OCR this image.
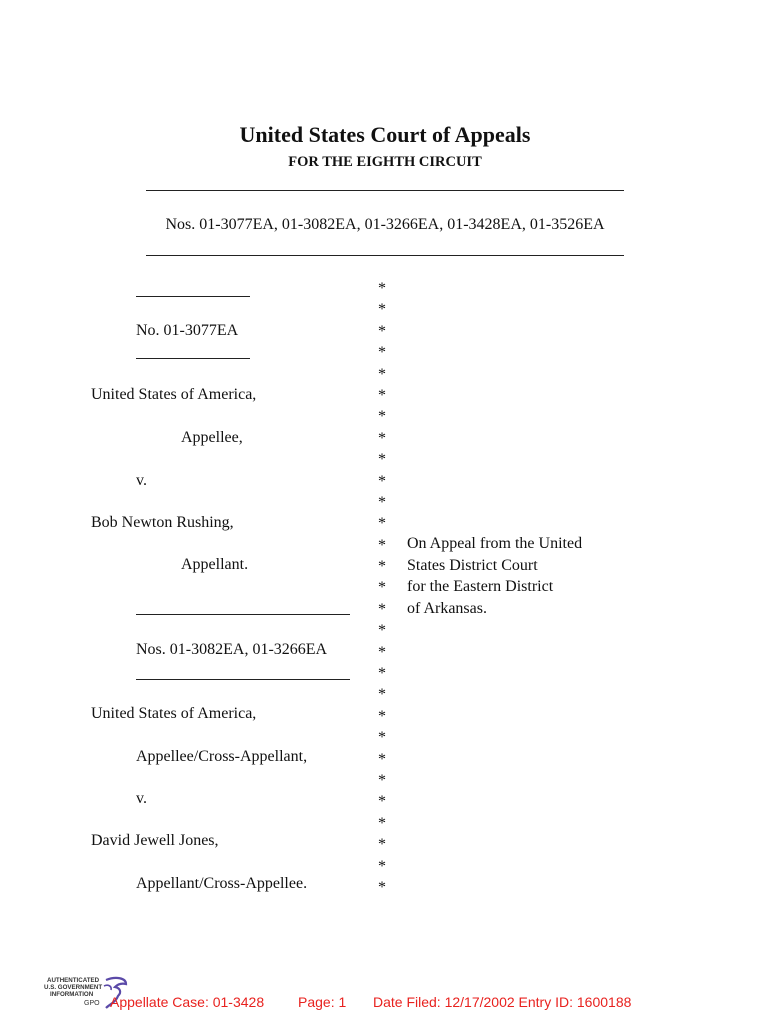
United States Court of Appeals
FOR THE EIGHTH CIRCUIT
Nos. 01-3077EA, 01-3082EA, 01-3266EA, 01-3428EA, 01-3526EA
No. 01-3077EA
United States of America,
Appellee,
v.
Bob Newton Rushing,
Appellant.
Nos. 01-3082EA, 01-3266EA
United States of America,
Appellee/Cross-Appellant,
v.
David Jewell Jones,
Appellant/Cross-Appellee.
*
*
*
*
*
*
*
*
*
*
*
*
*
*
*
*
*
*
*
*
*
*
*
*
*
*
*
*
*
On Appeal from the United
States District Court
for the Eastern District
of Arkansas.
AUTHENTICATED
U.S. GOVERNMENT
INFORMATION
GPO Appellate Case: 01-3428 Page: 1 Date Filed: 12/17/2002 Entry ID: 1600188
